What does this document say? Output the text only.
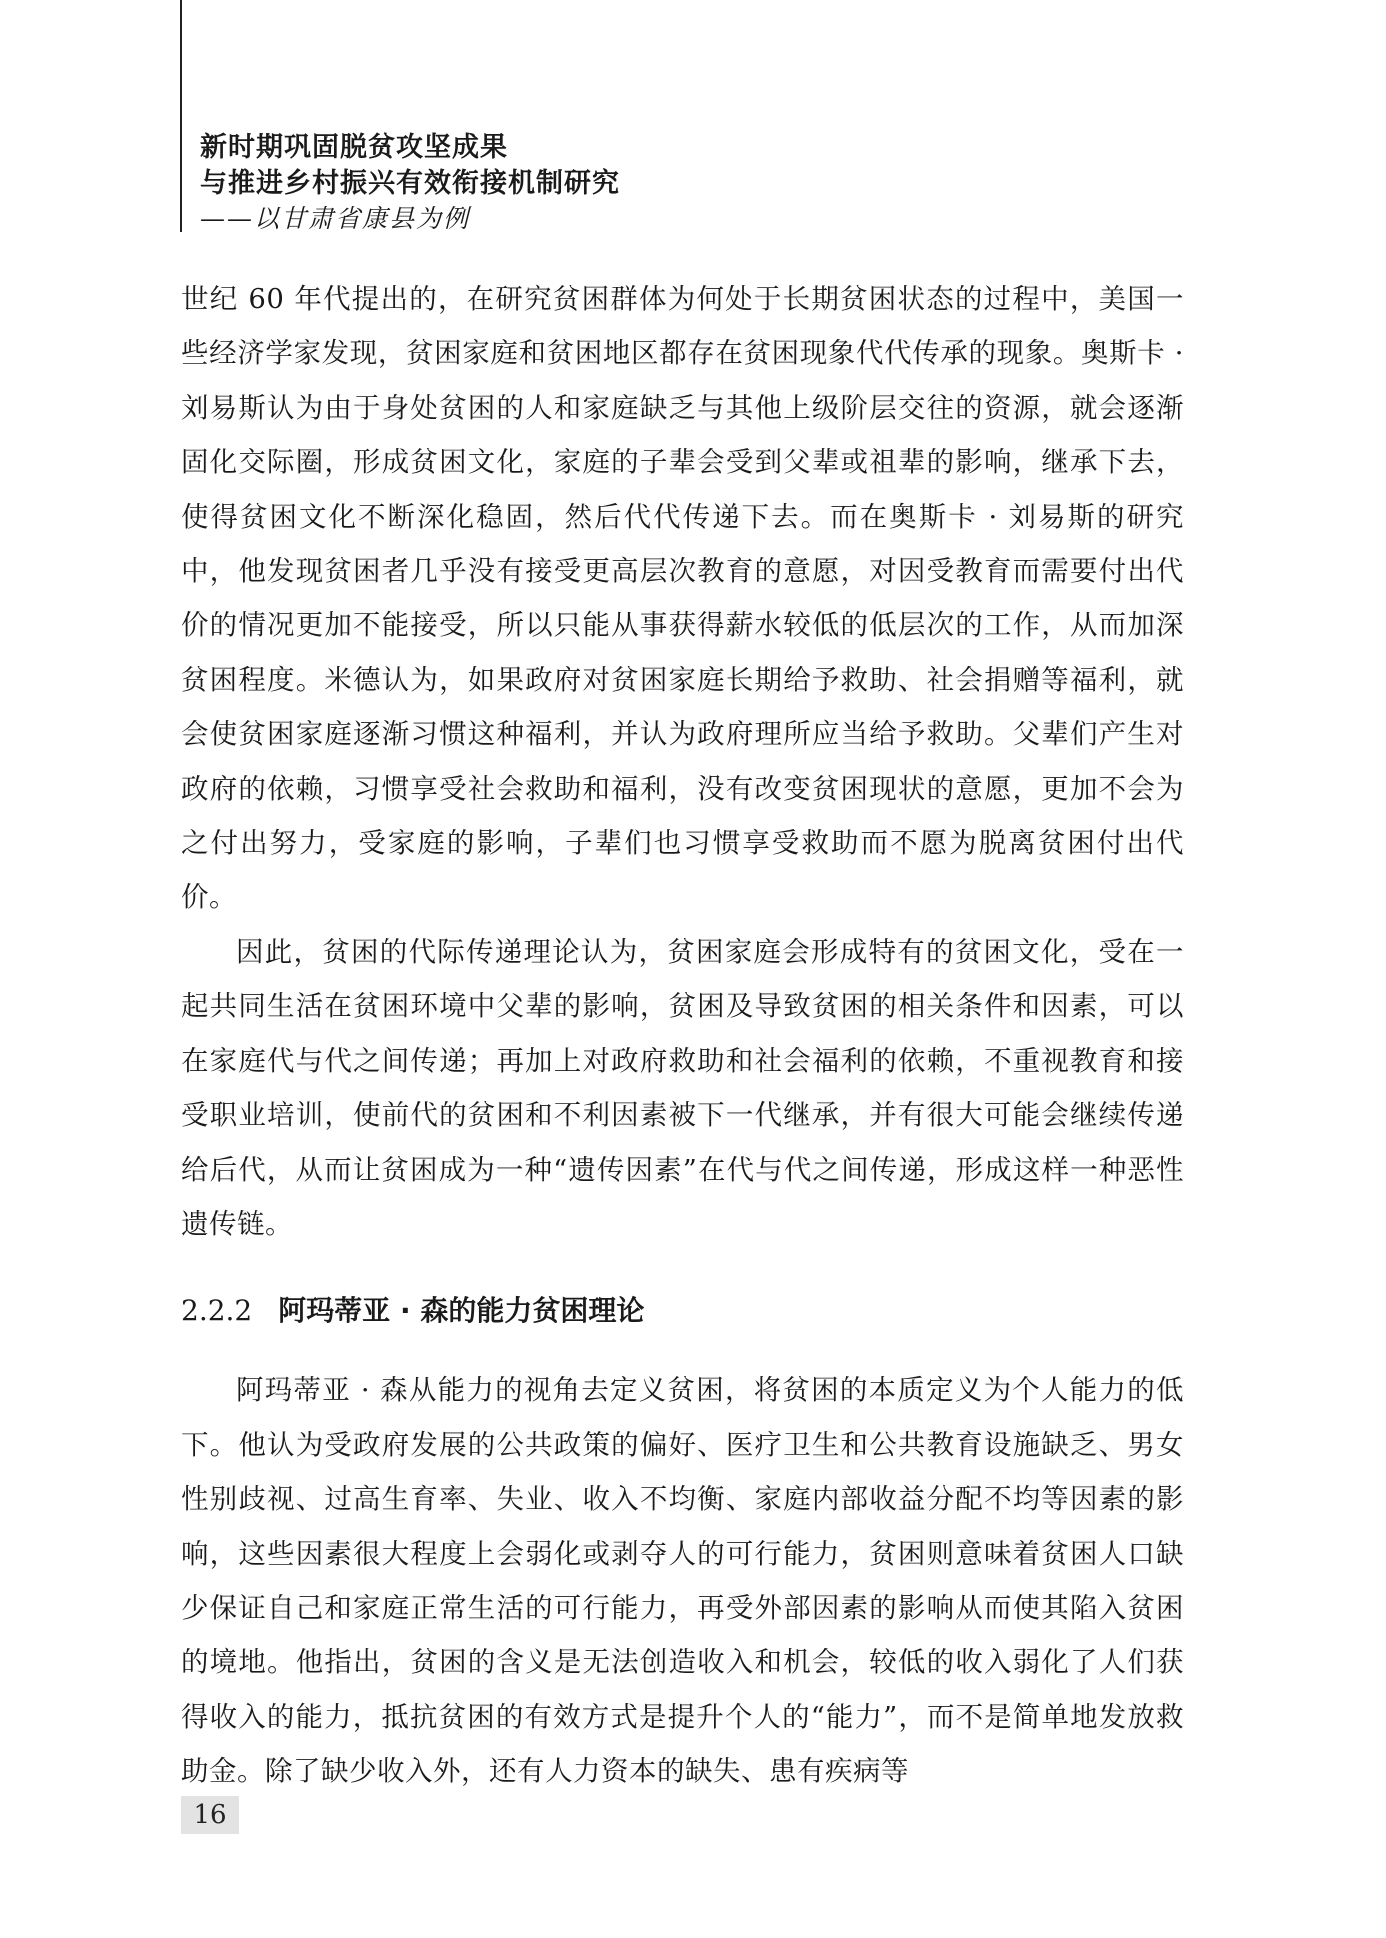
新时期巩固脱贫攻坚成果
与推进乡村振兴有效衔接机制研究
——以甘肃省康县为例

世纪 60 年代提出的，在研究贫困群体为何处于长期贫困状态的过程中，美国一些经济学家发现，贫困家庭和贫困地区都存在贫困现象代代传承的现象。奥斯卡 · 刘易斯认为由于身处贫困的人和家庭缺乏与其他上级阶层交往的资源，就会逐渐固化交际圈，形成贫困文化，家庭的子辈会受到父辈或祖辈的影响，继承下去，使得贫困文化不断深化稳固，然后代代传递下去。而在奥斯卡 · 刘易斯的研究中，他发现贫困者几乎没有接受更高层次教育的意愿，对因受教育而需要付出代价的情况更加不能接受，所以只能从事获得薪水较低的低层次的工作，从而加深贫困程度。米德认为，如果政府对贫困家庭长期给予救助、社会捐赠等福利，就会使贫困家庭逐渐习惯这种福利，并认为政府理所应当给予救助。父辈们产生对政府的依赖，习惯享受社会救助和福利，没有改变贫困现状的意愿，更加不会为之付出努力，受家庭的影响，子辈们也习惯享受救助而不愿为脱离贫困付出代价。

因此，贫困的代际传递理论认为，贫困家庭会形成特有的贫困文化，受在一起共同生活在贫困环境中父辈的影响，贫困及导致贫困的相关条件和因素，可以在家庭代与代之间传递；再加上对政府救助和社会福利的依赖，不重视教育和接受职业培训，使前代的贫困和不利因素被下一代继承，并有很大可能会继续传递给后代，从而让贫困成为一种“遗传因素”在代与代之间传递，形成这样一种恶性遗传链。

2.2.2 阿玛蒂亚 · 森的能力贫困理论

阿玛蒂亚 · 森从能力的视角去定义贫困，将贫困的本质定义为个人能力的低下。他认为受政府发展的公共政策的偏好、医疗卫生和公共教育设施缺乏、男女性别歧视、过高生育率、失业、收入不均衡、家庭内部收益分配不均等因素的影响，这些因素很大程度上会弱化或剥夺人的可行能力，贫困则意味着贫困人口缺少保证自己和家庭正常生活的可行能力，再受外部因素的影响从而使其陷入贫困的境地。他指出，贫困的含义是无法创造收入和机会，较低的收入弱化了人们获得收入的能力，抵抗贫困的有效方式是提升个人的“能力”，而不是简单地发放救助金。除了缺少收入外，还有人力资本的缺失、患有疾病等

16
